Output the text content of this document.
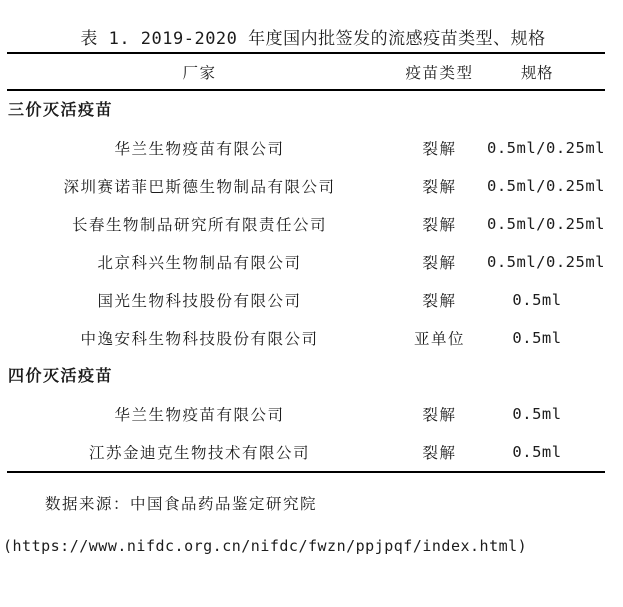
表 1. 2019-2020 年度国内批签发的流感疫苗类型、规格
厂家	疫苗类型	规格
三价灭活疫苗
华兰生物疫苗有限公司	裂解	0.5ml/0.25ml
深圳赛诺菲巴斯德生物制品有限公司	裂解	0.5ml/0.25ml
长春生物制品研究所有限责任公司	裂解	0.5ml/0.25ml
北京科兴生物制品有限公司	裂解	0.5ml/0.25ml
国光生物科技股份有限公司	裂解	0.5ml
中逸安科生物科技股份有限公司	亚单位	0.5ml
四价灭活疫苗
华兰生物疫苗有限公司	裂解	0.5ml
江苏金迪克生物技术有限公司	裂解	0.5ml
数据来源：中国食品药品鉴定研究院
(https://www.nifdc.org.cn/nifdc/fwzn/ppjpqf/index.html)
